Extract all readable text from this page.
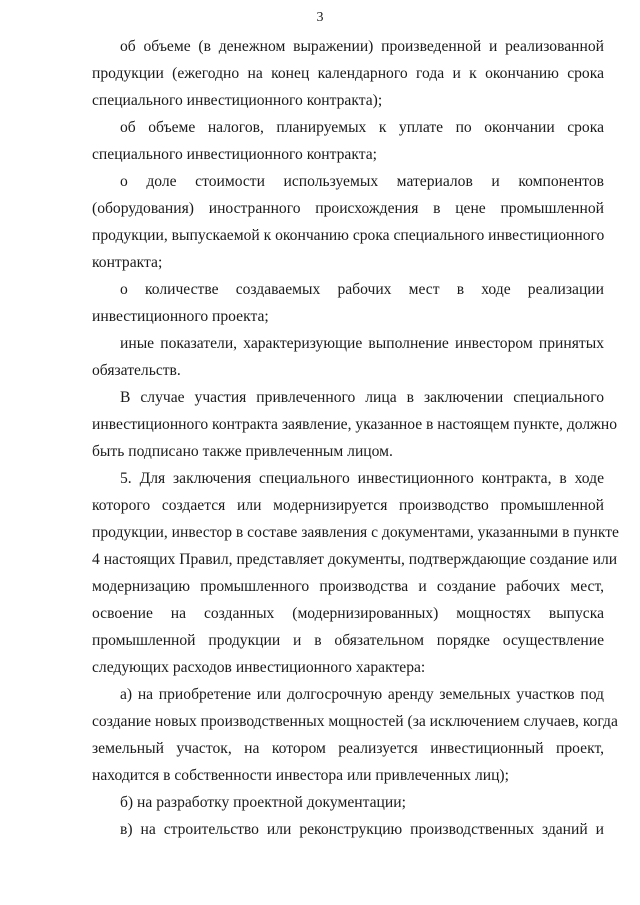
3
об объеме (в денежном выражении) произведенной и реализованной
продукции (ежегодно на конец календарного года и к окончанию срока
специального инвестиционного контракта);
об объеме налогов, планируемых к уплате по окончании срока
специального инвестиционного контракта;
о доле стоимости используемых материалов и компонентов
(оборудования) иностранного происхождения в цене промышленной
продукции, выпускаемой к окончанию срока специального инвестиционного
контракта;
о количестве создаваемых рабочих мест в ходе реализации
инвестиционного проекта;
иные показатели, характеризующие выполнение инвестором принятых
обязательств.
В случае участия привлеченного лица в заключении специального
инвестиционного контракта заявление, указанное в настоящем пункте, должно
быть подписано также привлеченным лицом.
5. Для заключения специального инвестиционного контракта, в ходе
которого создается или модернизируется производство промышленной
продукции, инвестор в составе заявления с документами, указанными в пункте
4 настоящих Правил, представляет документы, подтверждающие создание или
модернизацию промышленного производства и создание рабочих мест,
освоение на созданных (модернизированных) мощностях выпуска
промышленной продукции и в обязательном порядке осуществление
следующих расходов инвестиционного характера:
а) на приобретение или долгосрочную аренду земельных участков под
создание новых производственных мощностей (за исключением случаев, когда
земельный участок, на котором реализуется инвестиционный проект,
находится в собственности инвестора или привлеченных лиц);
б) на разработку проектной документации;
в) на строительство или реконструкцию производственных зданий и
